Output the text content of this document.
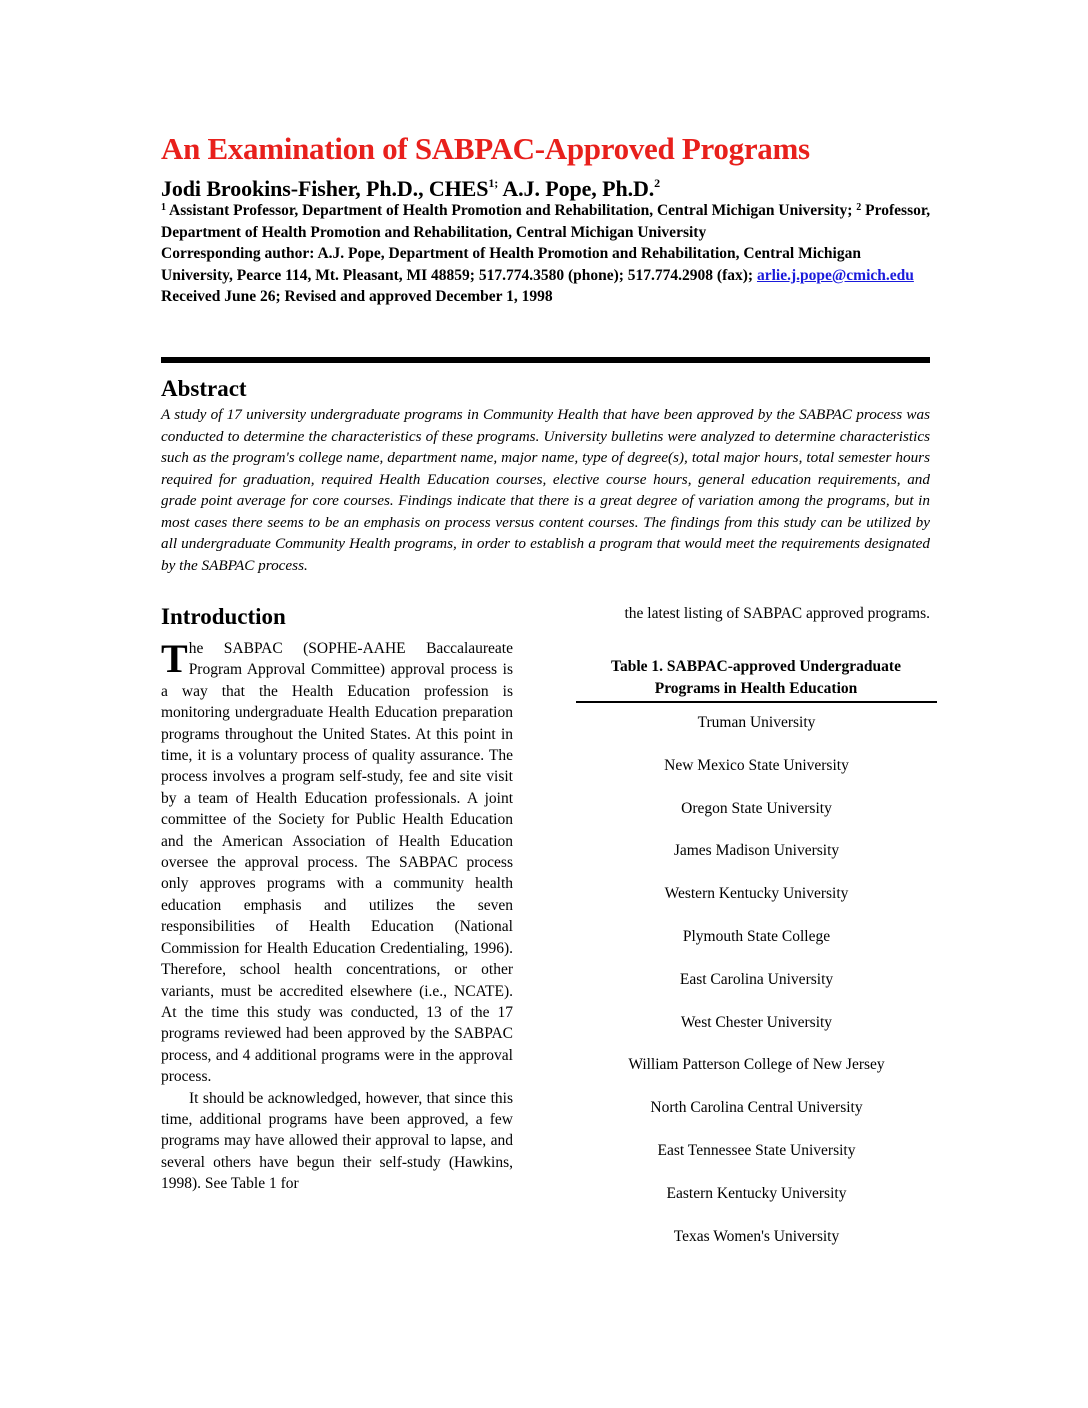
An Examination of SABPAC-Approved Programs
Jodi Brookins-Fisher, Ph.D., $CHES^{1;}$ A.J. Pope, Ph.D.$^2$
$^1$ Assistant Professor, Department of Health Promotion and Rehabilitation, Central Michigan University; $^2$ Professor, Department of Health Promotion and Rehabilitation, Central Michigan University
Corresponding author: A.J. Pope, Department of Health Promotion and Rehabilitation, Central Michigan University, Pearce 114, Mt. Pleasant, MI 48859; 517.774.3580 (phone); 517.774.2908 (fax); arlie.j.pope@cmich.edu
Received June 26; Revised and approved December 1, 1998
Abstract

A study of 17 university undergraduate programs in Community Health that have been approved by the SABPAC process was conducted to determine the characteristics of these programs. University bulletins were analyzed to determine characteristics such as the program's college name, department name, major name, type of degree(s), total major hours, total semester hours required for graduation, required Health Education courses, elective course hours, general education requirements, and grade point average for core courses. Findings indicate that there is a great degree of variation among the programs, but in most cases there seems to be an emphasis on process versus content courses. The findings from this study can be utilized by all undergraduate Community Health programs, in order to establish a program that would meet the requirements designated by the SABPAC process.

Introduction

The SABPAC (SOPHE-AAHE Baccalaureate Program Approval Committee) approval process is a way that the Health Education profession is monitoring undergraduate Health Education preparation programs throughout the United States. At this point in time, it is a voluntary process of quality assurance. The process involves a program self-study, fee and site visit by a team of Health Education professionals. A joint committee of the Society for Public Health Education and the American Association of Health Education oversee the approval process. The SABPAC process only approves programs with a community health education emphasis and utilizes the seven responsibilities of Health Education (National Commission for Health Education Credentialing, 1996). Therefore, school health concentrations, or other variants, must be accredited elsewhere (i.e., NCATE). At the time this study was conducted, 13 of the 17 programs reviewed had been approved by the SABPAC process, and 4 additional programs were in the approval process.

It should be acknowledged, however, that since this time, additional programs have been approved, a few programs may have allowed their approval to lapse, and several others have begun their self-study (Hawkins, 1998). See Table 1 for

the latest listing of SABPAC approved programs.

Table 1. SABPAC-approved Undergraduate
Programs in Health Education
Truman University
New Mexico State University
Oregon State University
James Madison University
Western Kentucky University
Plymouth State College
East Carolina University
West Chester University
William Patterson College of New Jersey
North Carolina Central University
East Tennessee State University
Eastern Kentucky University
Texas Women's University
